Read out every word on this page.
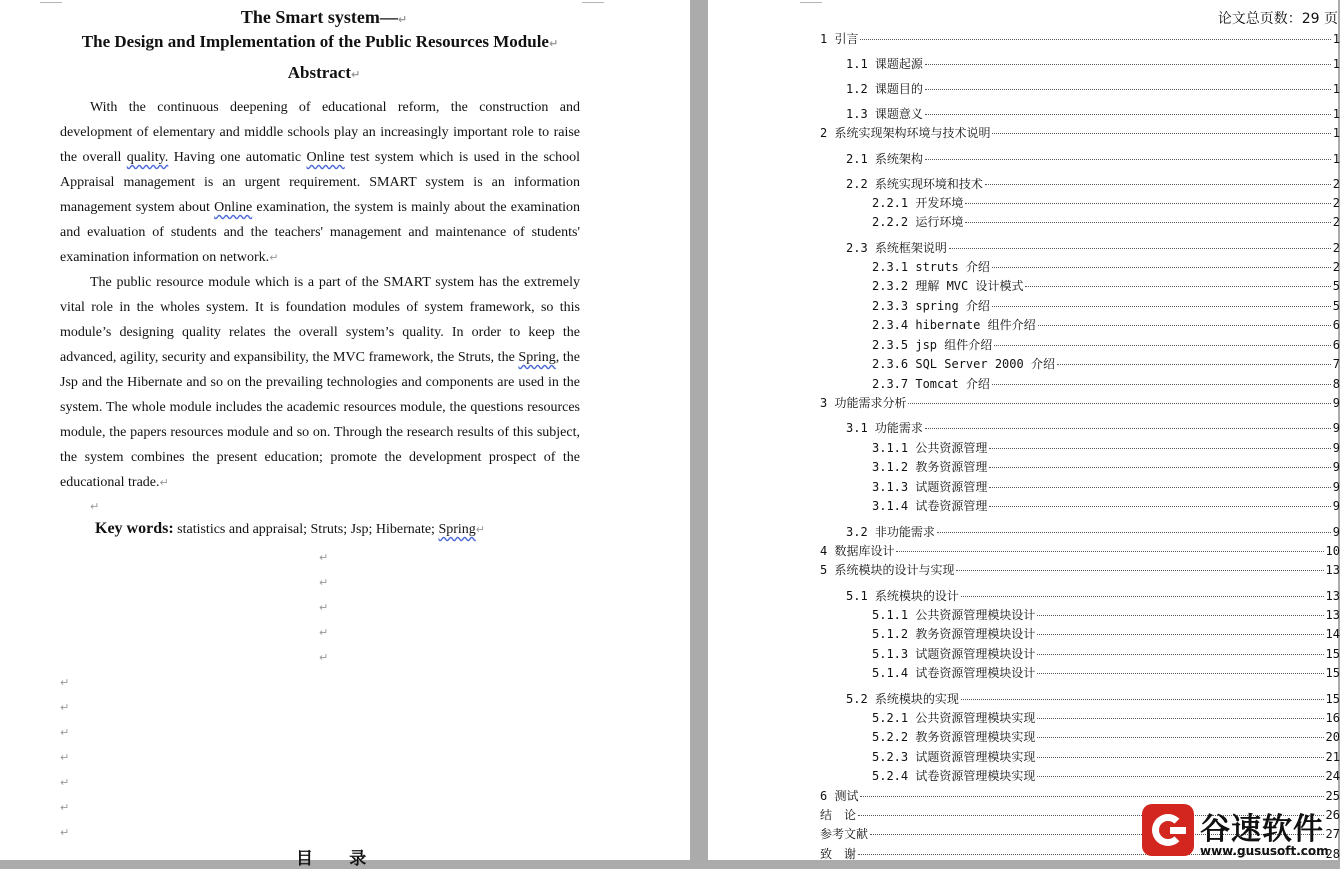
The Smart system—↵
The Design and Implementation of the Public Resources Module↵
Abstract↵

With the continuous deepening of educational reform, the construction and development of elementary and middle schools play an increasingly important role to raise the overall quality. Having one automatic Online test system which is used in the school Appraisal management is an urgent requirement. SMART system is an information management system about Online examination, the system is mainly about the examination and evaluation of students and the teachers' management and maintenance of students' examination information on network.↵

The public resource module which is a part of the SMART system has the extremely vital role in the wholes system. It is foundation modules of system framework, so this module’s designing quality relates the overall system’s quality. In order to keep the advanced, agility, security and expansibility, the MVC framework, the Struts, the Spring, the Jsp and the Hibernate and so on the prevailing technologies and components are used in the system. The whole module includes the academic resources module, the questions resources module, the papers resources module and so on. Through the research results of this subject, the system combines the present education; promote the development prospect of the educational trade.↵

↵
Key words: statistics and appraisal; Struts; Jsp; Hibernate; Spring↵
↵
↵
↵
↵
↵
↵
↵
↵
↵
↵
↵
↵
目 录
论文总页数：29 页
1 引言	1
1.1 课题起源	1
1.2 课题目的	1
1.3 课题意义	1
2 系统实现架构环境与技术说明	1
2.1 系统架构	1
2.2 系统实现环境和技术	2
2.2.1 开发环境	2
2.2.2 运行环境	2
2.3 系统框架说明	2
2.3.1 struts 介绍	2
2.3.2 理解 MVC 设计模式	5
2.3.3 spring 介绍	5
2.3.4 hibernate 组件介绍	6
2.3.5 jsp 组件介绍	6
2.3.6 SQL Server 2000 介绍	7
2.3.7 Tomcat 介绍	8
3 功能需求分析	9
3.1 功能需求	9
3.1.1 公共资源管理	9
3.1.2 教务资源管理	9
3.1.3 试题资源管理	9
3.1.4 试卷资源管理	9
3.2 非功能需求	9
4 数据库设计	10
5 系统模块的设计与实现	13
5.1 系统模块的设计	13
5.1.1 公共资源管理模块设计	13
5.1.2 教务资源管理模块设计	14
5.1.3 试题资源管理模块设计	15
5.1.4 试卷资源管理模块设计	15
5.2 系统模块的实现	15
5.2.1 公共资源管理模块实现	16
5.2.2 教务资源管理模块实现	20
5.2.3 试题资源管理模块实现	21
5.2.4 试卷资源管理模块实现	24
6 测试	25
结　论	26
参考文献	27
致　谢	28
谷速软件
www.gususoft.com
